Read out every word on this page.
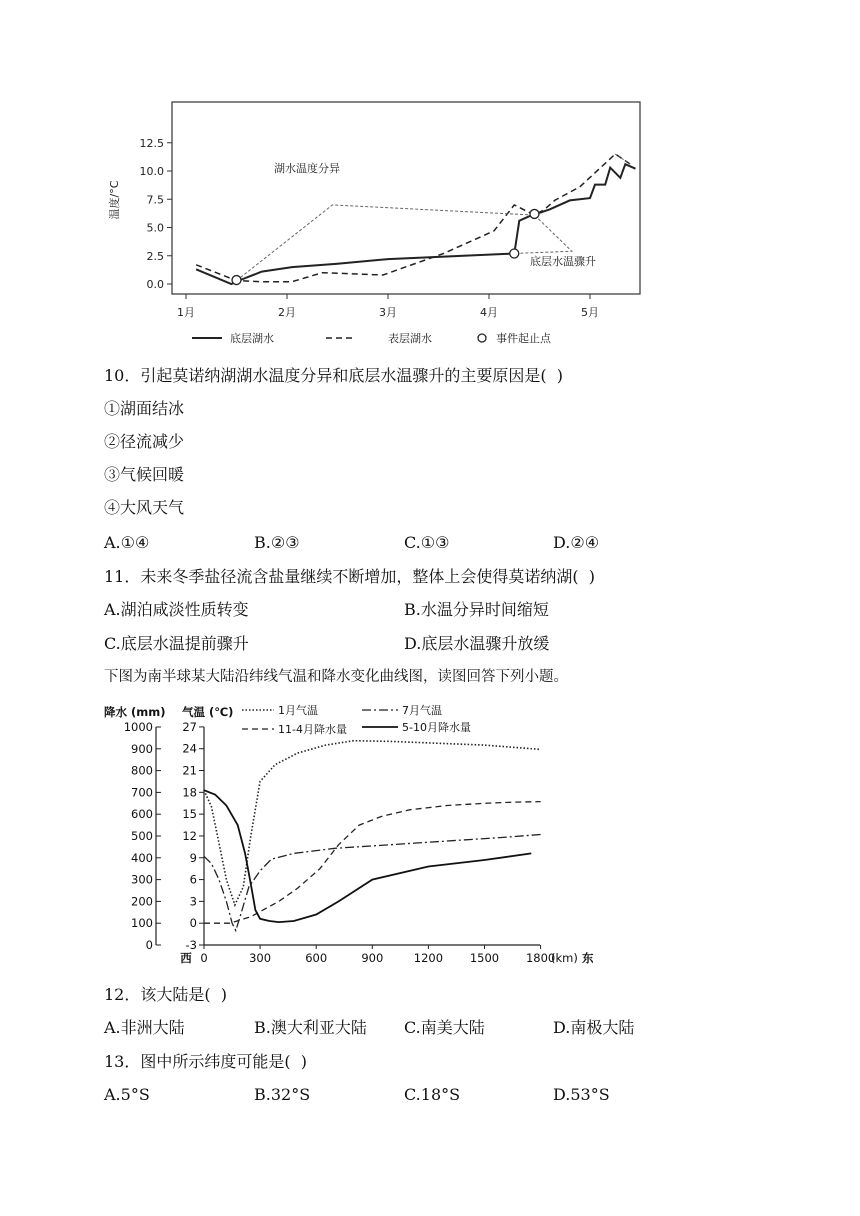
12.5
10.0
7.5
5.0
2.5
0.0
1月	2月	3月	4月	5月
温度/°C
湖水温度分异
底层水温骤升
底层湖水	表层湖水	事件起止点
10．引起莫诺纳湖湖水温度分异和底层水温骤升的主要原因是(  )
①湖面结冰
②径流减少
③气候回暖
④大风天气
A.①④	B.②③	C.①③	D.②④
11．未来冬季盐径流含盐量继续不断增加，整体上会使得莫诺纳湖(  )
A.湖泊咸淡性质转变	B.水温分异时间缩短
C.底层水温提前骤升	D.底层水温骤升放缓
下图为南半球某大陆沿纬线气温和降水变化曲线图，读图回答下列小题。
1000
900
800
700
600
500
400
300
200
100
0
27
24
21
18
15
12
9
6
3
0
-3
0	300	600	900	1200 1500 1800
西	(km) 东
降水 (mm) 气温 (℃)	1月气温	7月气温
11-4月降水量	5-10月降水量
12．该大陆是(  )
A.非洲大陆	B.澳大利亚大陆 C.南美大陆	D.南极大陆
13．图中所示纬度可能是(  )
A.5°S	B.32°S	C.18°S	D.53°S
